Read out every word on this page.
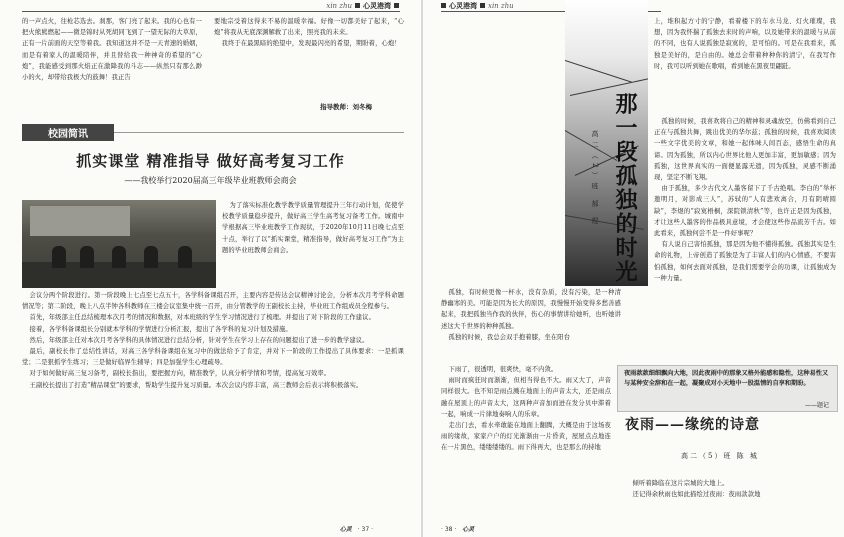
xin zhu 心灵港湾

的一声点火，往枪芯选去。刹那，客门亮了起来。我的心也有一把火熊熊燃起——微是锦时从死胡同飞到了一望无际的大草原，正有一片前面的天空等着我。我知道这并不是一天青速的婚姻，而是有着家人的温暖陪伴，并且替给我一种神奇的希望的“心炮”，我能感受到那火焰正在激降我的斗志——纵然只有那么渺小的火，却带给我极大的鼓舞！我正告

要地宗受着这得来不易的温暖幸福。好像一切都美好了起来，“心炮”将我从无底深渊解救了出来，照亮我的未来。

我终于在最黑暗的绝望中，发现最闪亮的希望，期盼着，心炮！

指导教师：刘冬梅
校园简讯
抓实课堂 精准指导 做好高考复习工作
——我校举行2020届高三年级毕业班教师会商会

为了落实标准化教学教学质量管理提升三年行动计划，促使学校教学质量稳步提升，做好高三学生高考复习备考工作。城南中学根据高三毕业班教学工作现状，于2020年10月11日晚七点至十点，举行了以“抓实课堂，精准指导，做好高考复习工作”为主题的毕业班教师会商会。

会议分两个阶段进行。第一阶段晚上七点至七点五十，各学科备课组召开，主要内容是传达会议精神讨论会，分析本次月考学科命题情况等；第二阶段，晚上八点半钟各科教师在三楼会议室集中统一召开，由分管教学的王副校长主持，毕业班工作组成员全程参与。

首先，年级部主任总结梳理本次月考的情况和数据，对本班级的学生学习情况进行了梳理。并提出了对下阶段的工作建议。

接着，各学科备课组长分别就本学科的学情进行分析汇报，提出了各学科的复习计划及措施。

然后，年级部主任对本次月考各学科的具体情况进行总结分析，针对学生在学习上存在的问题提出了进一步的教学建议。

最后，副校长作了总结性讲话，对高三各学科备课组在复习中的做法给予了肯定，并对下一阶段的工作提出了具体要求：一是抓课堂；二是狠抓学生练习；三是做好临界生辅导；四是加强学生心理疏导。

对于如何做好高三复习备考，副校长指出，要把握方向，精准教学，认真分析学情和考情，提高复习效率。

王副校长提出了打造“精品课堂”的要求，帮助学生提升复习质量。本次会议内容丰富，高三教师会后表示将积极落实。

心灵 · 37 ·
心灵港湾 xin zhu
那一段孤独的时光
高二（2）班 郝 煜

上，堆积起方寸的宁静，看着楼下的车水马龙、灯火璀璨，我想，因为我怀揣了孤独去来时的声响，以及她带来的温暖与从前的不同，也有人说孤独是寂寞的，是可怕的。可是在我看来，孤独是美好的，是自由的。她总会带着种种你的清宁，在我写作时，我可以听到她在歌唱，看到她在黑夜里翩跹。

孤独的时候，我喜欢将自己的精神和灵魂放空，仿佛看到自己正在与孤独共舞，跳出优美的华尔兹；孤独的时候，我喜欢阅读一些文字优美的文章，和她一起体味人间百态，感悟生命的真谛。因为孤独，所以内心世界比他人更加丰富，更加敏感；因为孤独，这世界真实的一面便显露无遗，因为孤独，灵感不断涌现，坚定不断飞翔。

由于孤独，多少古代文人墨客留下了千古绝唱。李白的“举杯邀明月，对影成三人”，苏轼的“人有悲欢离合，月有阴晴圆缺”，李煜的“寂寞梧桐，深院锁清秋”等，也许正是因为孤独，才让这些人墨客的作品极具意境，才会使这些作品流芳千古。如此看来，孤独何尝不是一件好事呢？

有人说自己害怕孤独，那是因为他不懂得孤独。孤独其实是生命的礼物，上帝创造了孤独是为了丰富人们的内心情感，不要害怕孤独，如何去面对孤独，是我们需要学会的功课，让孤独成为一种力量。

孤独，有时候更像一杯水，没有杂质，没有污染，是一种清静幽寒的美。可能是因为长大的原因，我慢慢开始变得多愁善感起来，我把孤独当作我的伙伴，伤心的事情讲给她听，也听她讲述这大千世界的种种孤独。

孤独的时候，我总会双手抱着膝，坐在阳台

下雨了，很透明，很爽快，毫不内敛。

雨时而疯狂时而渐渐，但相当得也不大。雨又大了，声音同样很大。也不知是雨点溅在地面上的声音太大，还是雨点融在屋顶上的声音太大，这两种声音加而迸在发分贝中滞着一起，响成一片律地奏响人的乐章。

走出门去，看水牵敢能在地面上翻腾，大概是由于这场夜雨的缘故，家家户户的灯光渐渐由一片昏黄，屋屋点点地连在一片黑色，缕缕缕缕的。雨下得再大，也是那么的持地

夜雨款款细细飘向大地，因此夜雨中的那象又格外能感和隐性，这种易性又与某种安全辞和在一起，凝聚成对小天地中一股温情的自享和期盼。
——题记
夜雨——缘统的诗意
高二（5）班 陈 城

倾听着降临在这片宗城的大地上。

还记得余秋雨也如此描绘过夜雨：夜雨款款地

· 38 · 心灵
